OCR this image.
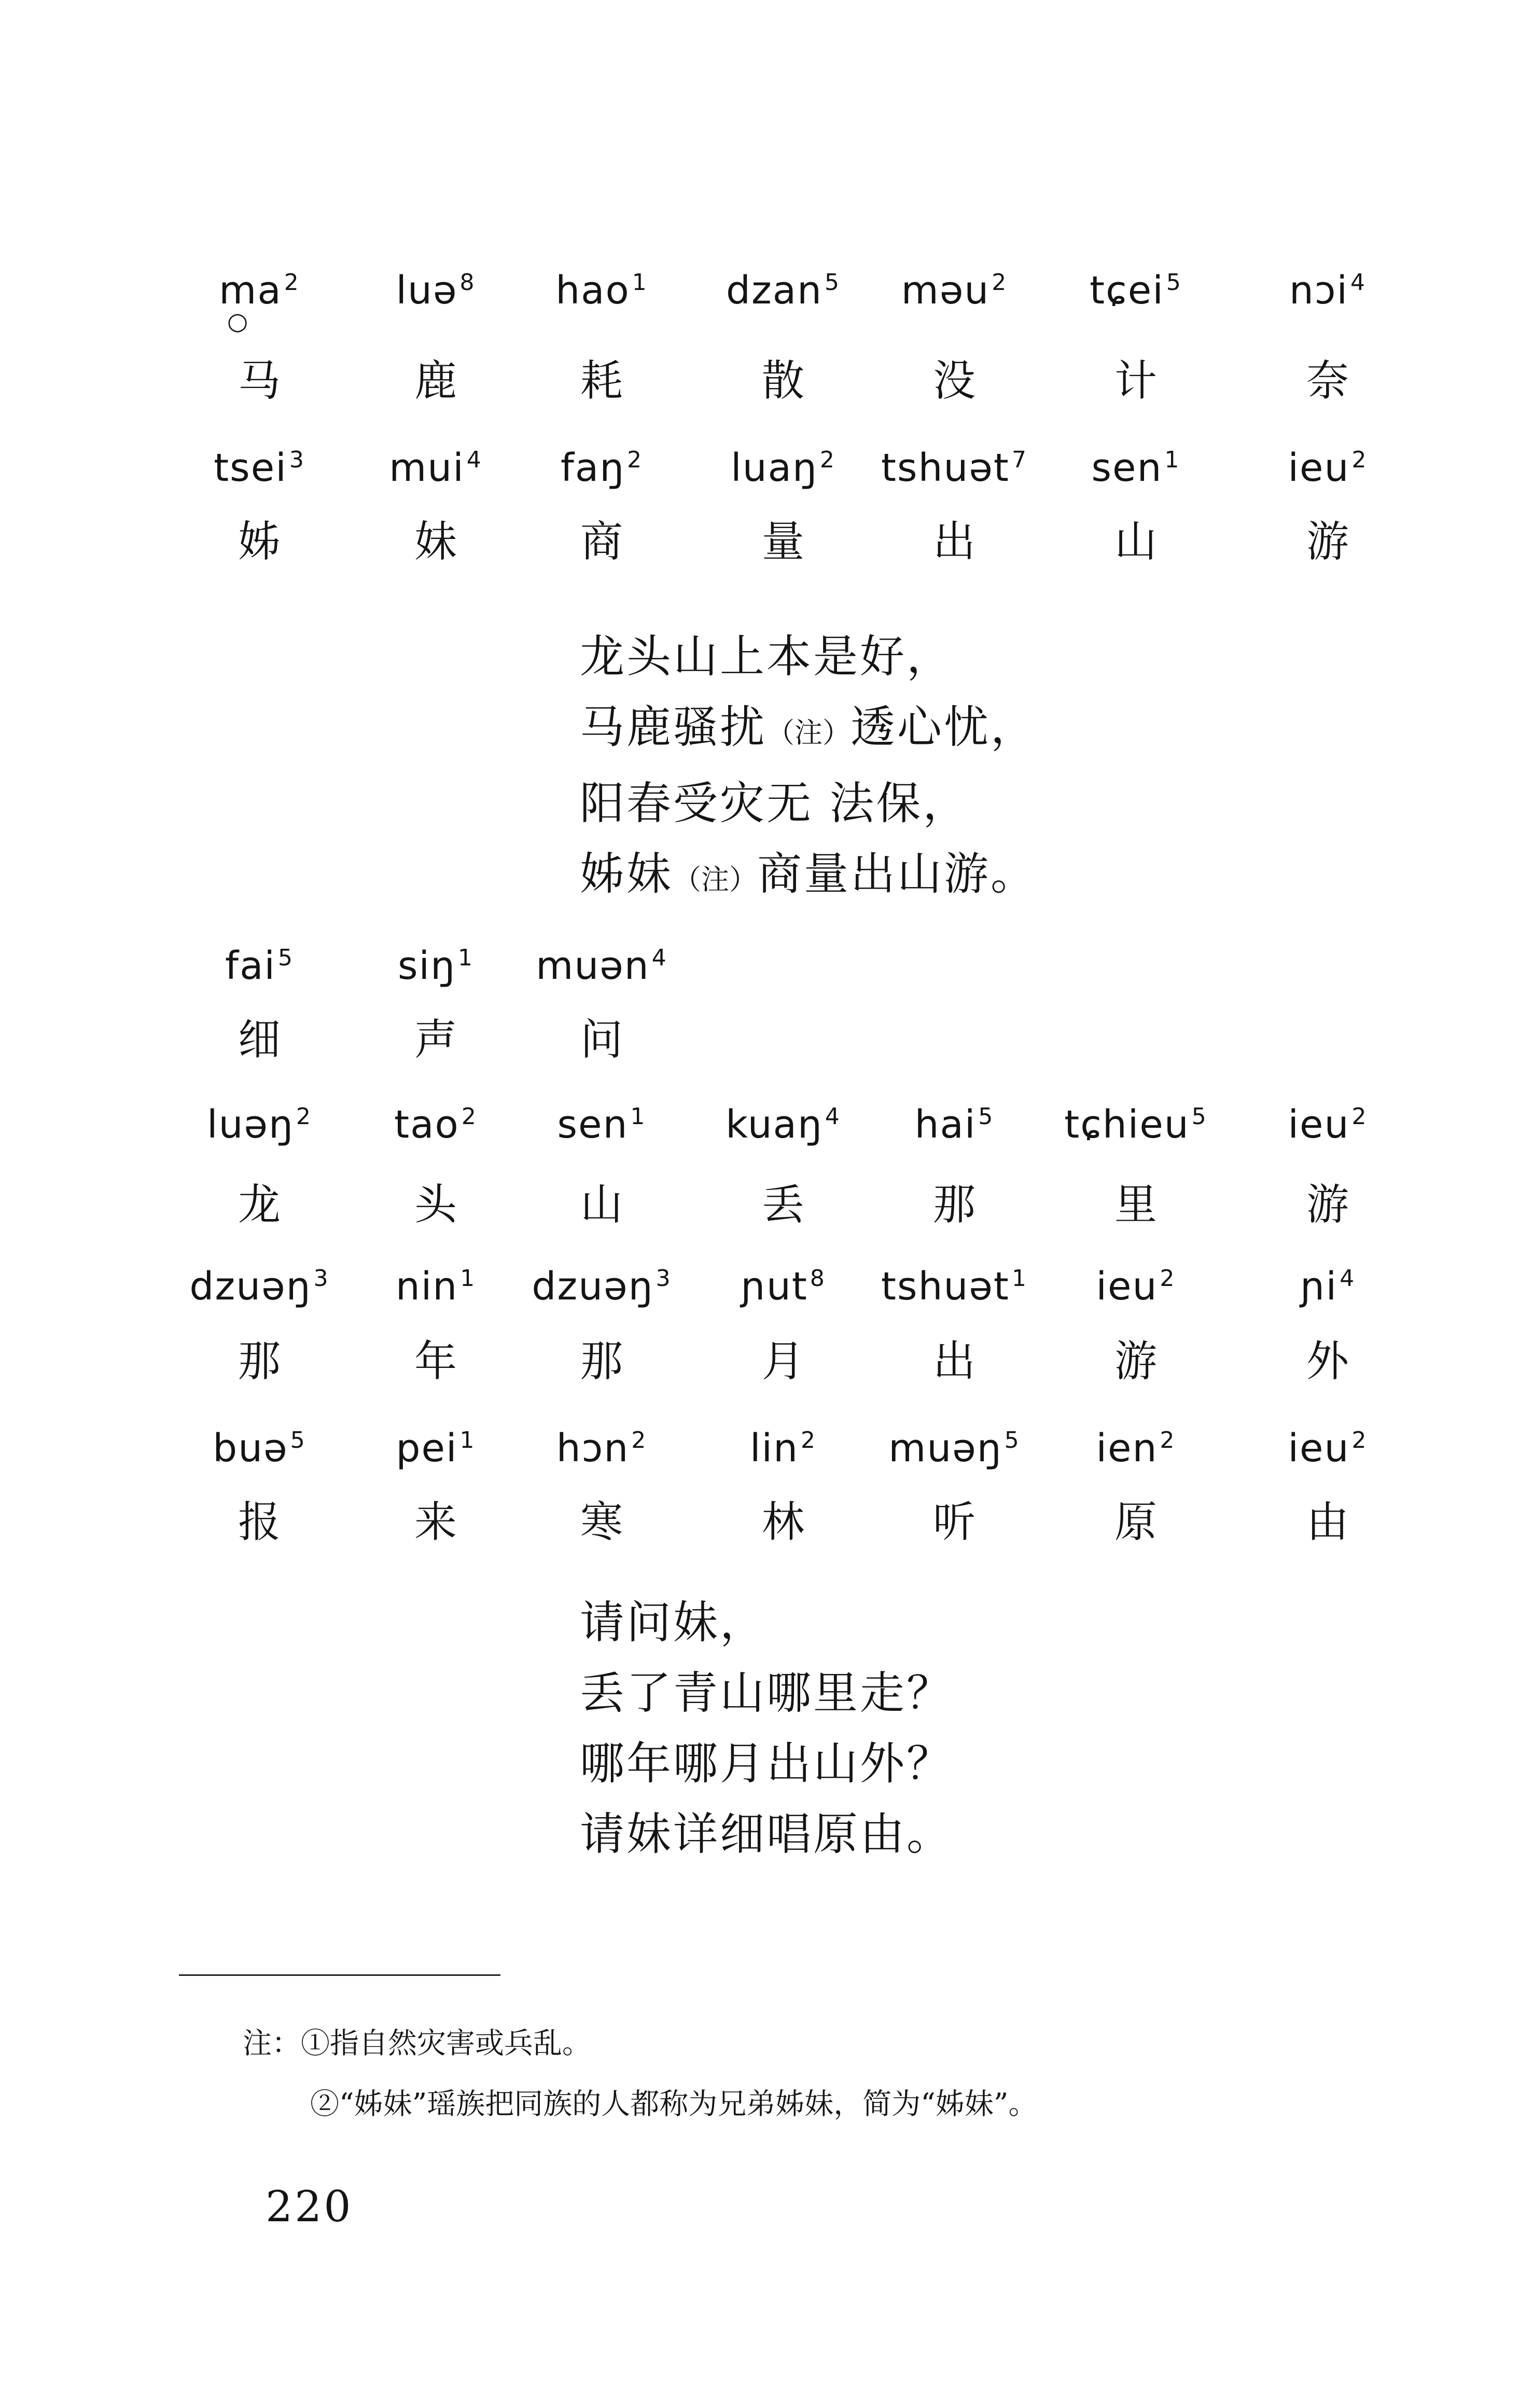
○
龙头山上本是好，
马鹿骚扰（注）透心忧，
阳春受灾无 法保，
姊妹（注）商量出山游。
请问妹，
丢了青山哪里走？
哪年哪月出山外？
请妹详细唱原由。
注：①指自然灾害或兵乱。
②“姊妹”瑶族把同族的人都称为兄弟姊妹，简为“姊妹”。
220
$ma^2$	luə$^8$	hao$^1$	dzan$^5$	məu$^2$	tɕei$^5$	nɔi$^4$
马	鹿	耗	散	没	计	奈
tsei$^3$	mui$^4$	faŋ$^2$	luaŋ$^2$	tshuət$^7$	sen$^1$	ieu$^2$
姊	妹	商	量	出	山	游
fai$^5$	siŋ$^1$	muən$^4$
细	声	问
luəŋ$^2$	tao$^2$	sen$^1$	kuaŋ$^4$	hai$^5$	tɕhieu$^5$	ieu$^2$
龙	头	山	丢	那	里	游
dzuəŋ$^3$	nin$^1$	dzuəŋ$^3$	ɲut$^8$	tshuət$^1$	ieu$^2$	ɲi$^4$
那	年	那	月	出	游	外
buə$^5$	pei$^1$	hɔn$^2$	lin$^2$	muəŋ$^5$	ien$^2$	ieu$^2$
报	来	寒	林	听	原	由
